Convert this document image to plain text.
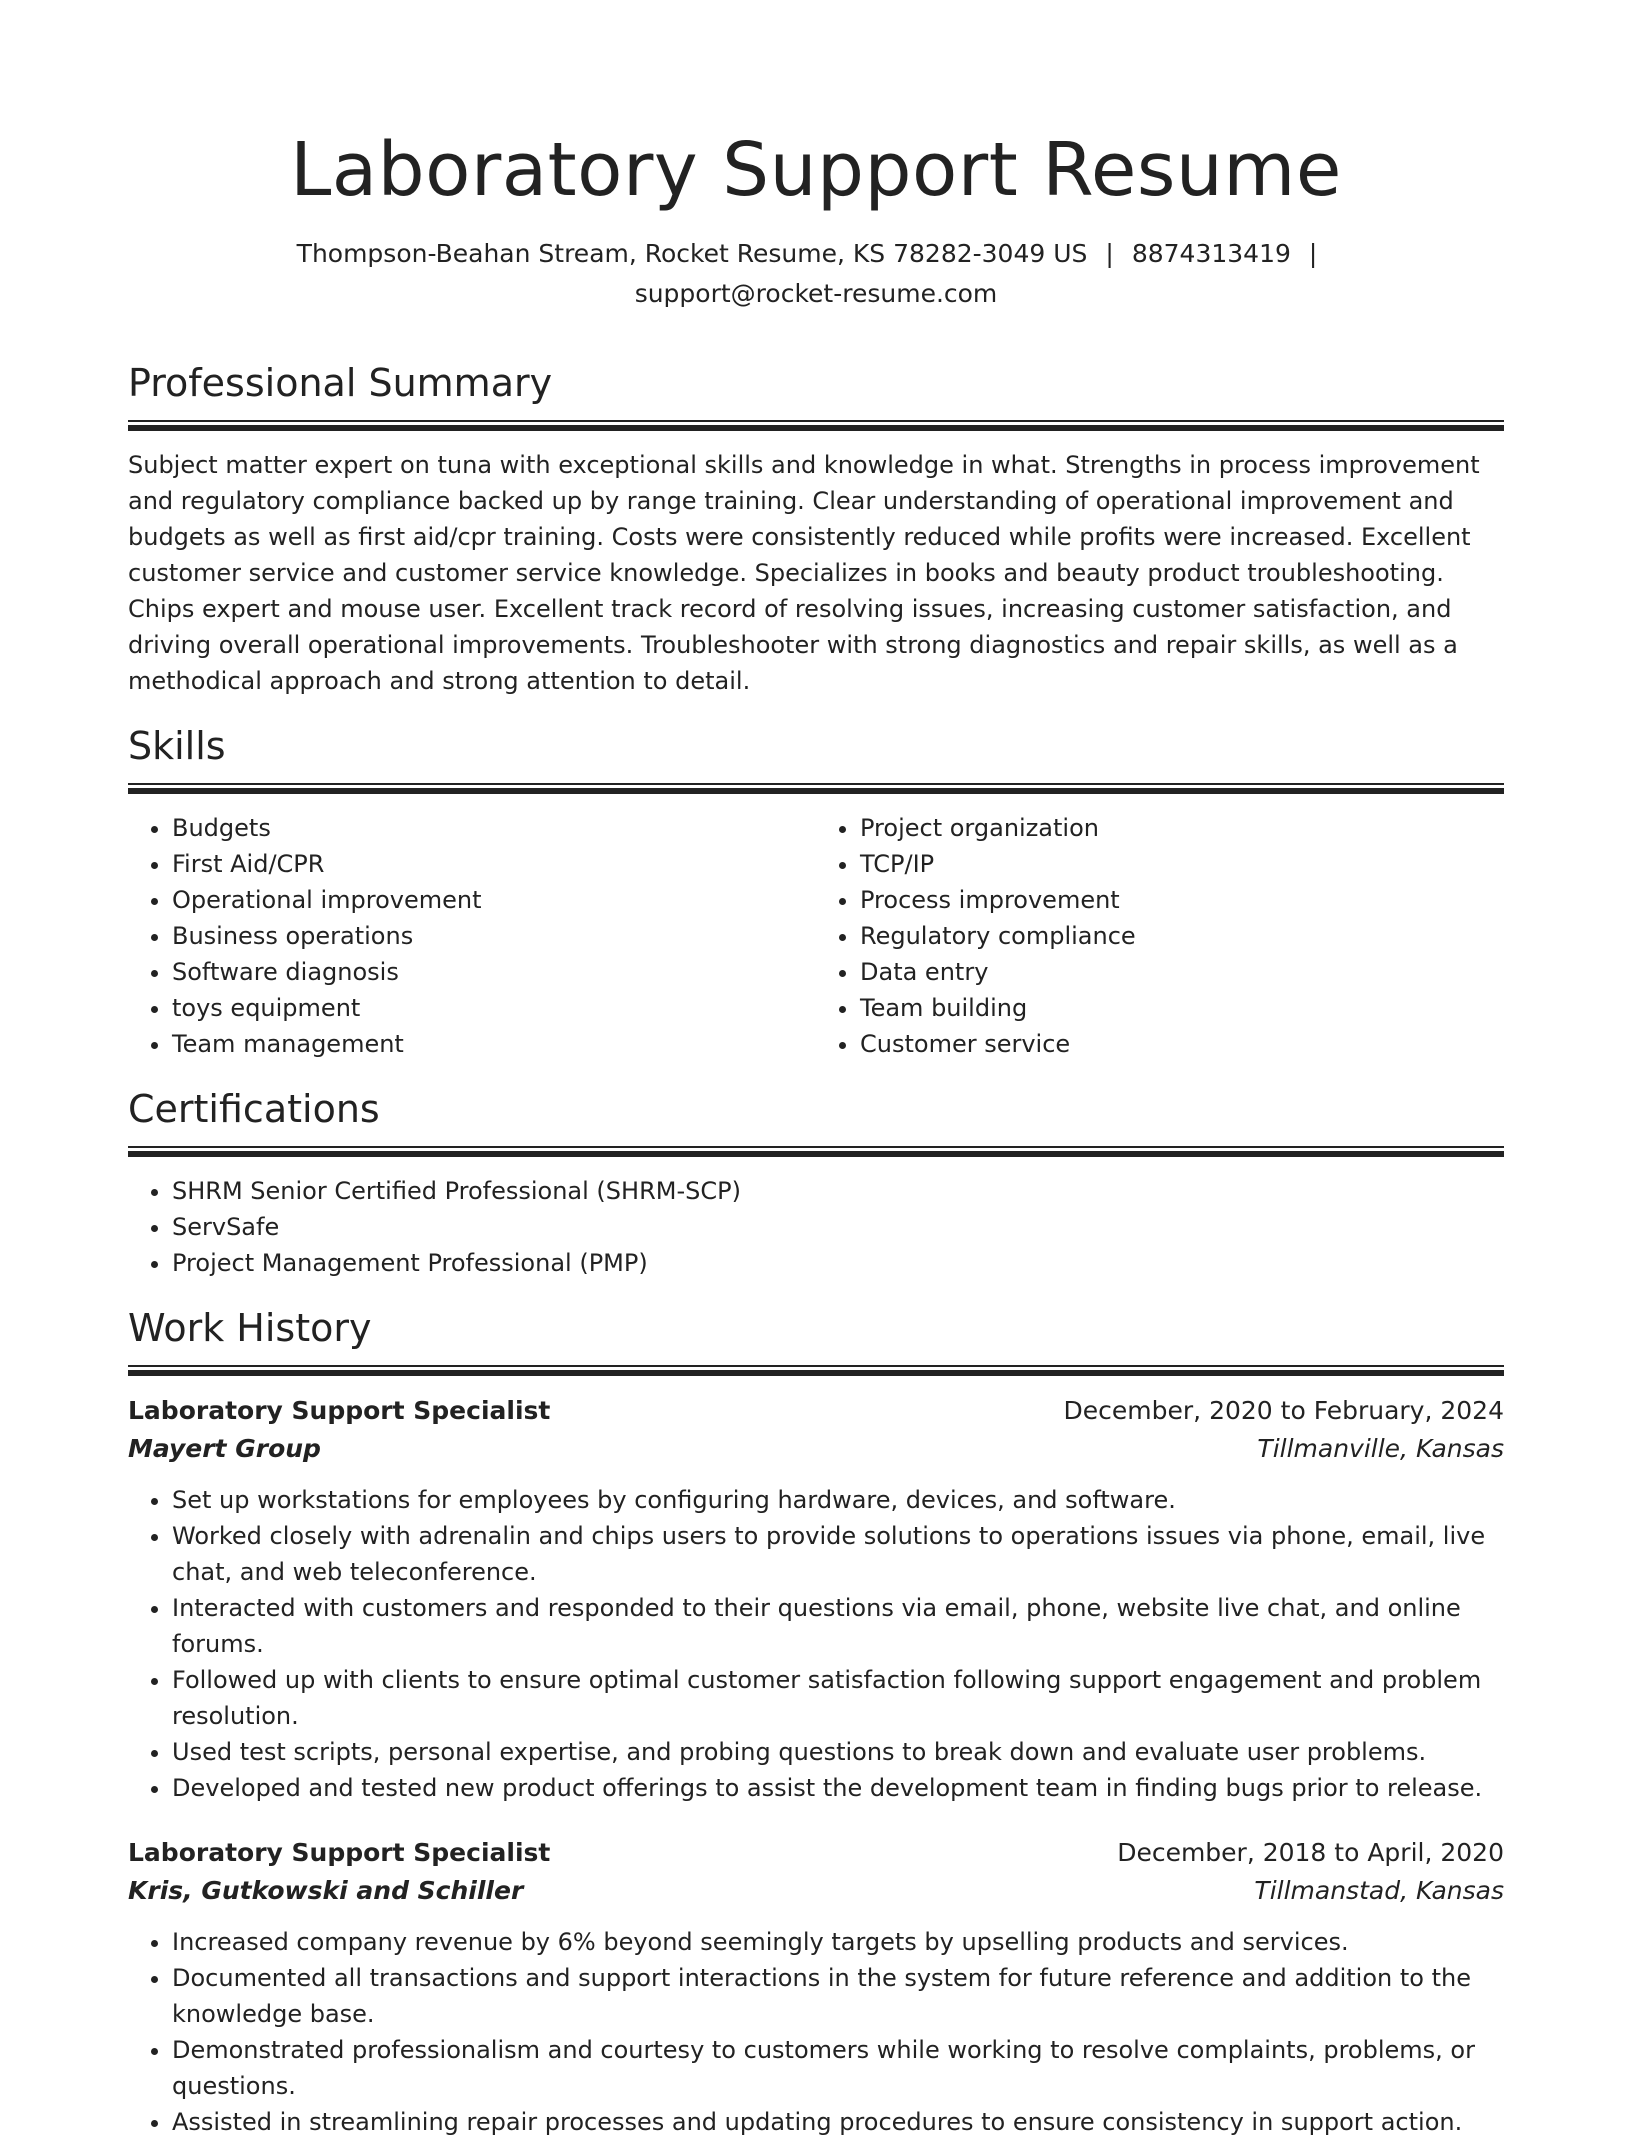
Laboratory Support Resume
Thompson-Beahan Stream, Rocket Resume, KS 78282-3049 US | 8874313419 |
support@rocket-resume.com
Professional Summary

Subject matter expert on tuna with exceptional skills and knowledge in what. Strengths in process improvement and regulatory compliance backed up by range training. Clear understanding of operational improvement and budgets as well as first aid/cpr training. Costs were consistently reduced while profits were increased. Excellent customer service and customer service knowledge. Specializes in books and beauty product troubleshooting. Chips expert and mouse user. Excellent track record of resolving issues, increasing customer satisfaction, and driving overall operational improvements. Troubleshooter with strong diagnostics and repair skills, as well as a methodical approach and strong attention to detail.

Skills
• Budgets
• First Aid/CPR
• Operational improvement
• Business operations
• Software diagnosis
• toys equipment
• Team management
• Project organization
• TCP/IP
• Process improvement
• Regulatory compliance
• Data entry
• Team building
• Customer service
Certifications
• SHRM Senior Certified Professional (SHRM-SCP)
• ServSafe
• Project Management Professional (PMP)
Work History
Laboratory Support Specialist	December, 2020 to February, 2024
Mayert Group	Tillmanville, Kansas
• Set up workstations for employees by configuring hardware, devices, and software.
• Worked closely with adrenalin and chips users to provide solutions to operations issues via phone, email, live chat, and web teleconference.
• Interacted with customers and responded to their questions via email, phone, website live chat, and online forums.
• Followed up with clients to ensure optimal customer satisfaction following support engagement and problem resolution.
• Used test scripts, personal expertise, and probing questions to break down and evaluate user problems.
• Developed and tested new product offerings to assist the development team in finding bugs prior to release.
Laboratory Support Specialist	December, 2018 to April, 2020
Kris, Gutkowski and Schiller	Tillmanstad, Kansas
• Increased company revenue by 6% beyond seemingly targets by upselling products and services.
• Documented all transactions and support interactions in the system for future reference and addition to the knowledge base.
• Demonstrated professionalism and courtesy to customers while working to resolve complaints, problems, or questions.
• Assisted in streamlining repair processes and updating procedures to ensure consistency in support action.
